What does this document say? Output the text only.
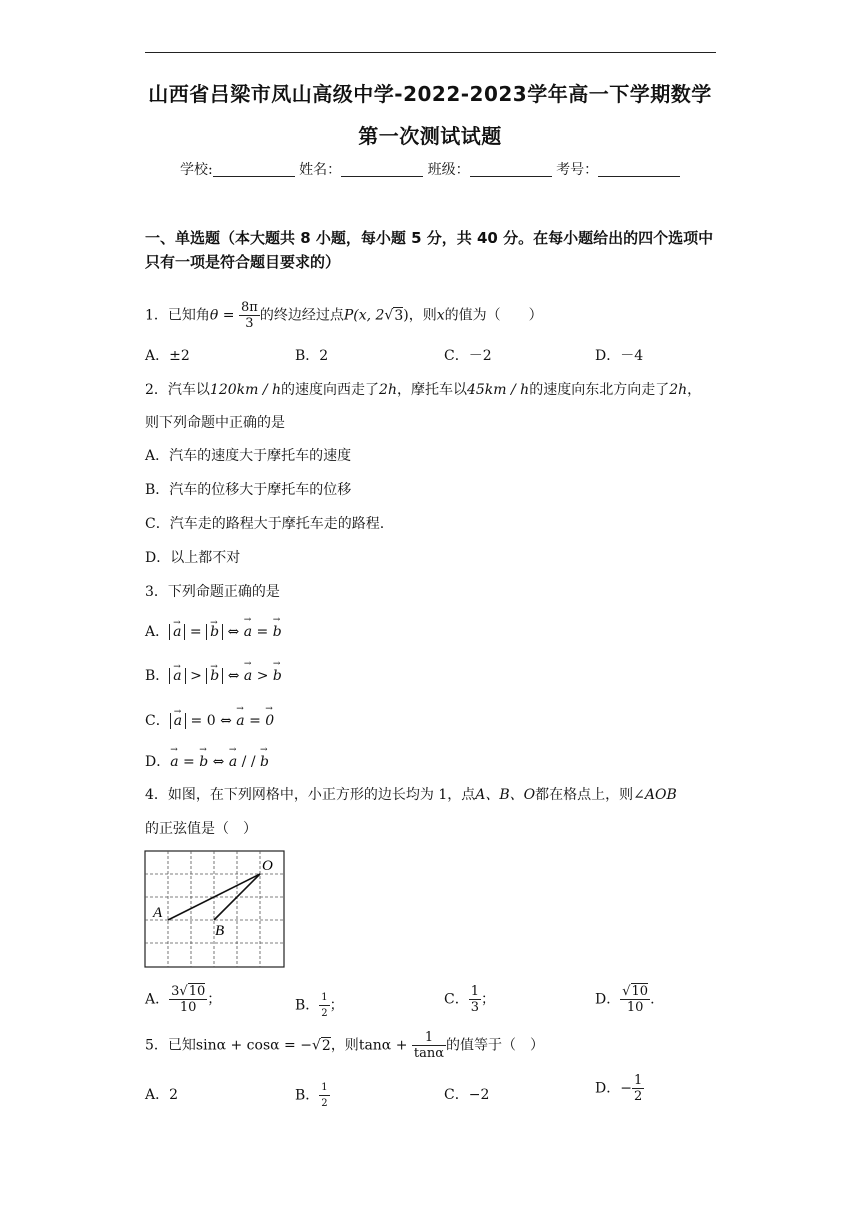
山西省吕梁市凤山高级中学-2022-2023学年高一下学期数学
第一次测试试题
学校:	姓名：	班级：	考号：
一、单选题（本大题共 8 小题，每小题 5 分，共 40 分。在每小题给出的四个选项中只有一项是符合题目要求的）
1．已知角$\theta = \frac{8\pi}{3}$ 的终边经过点P(x, 2√3)，则x的值为（　　）
A．±2	B．2	C．－2	D．－4
2．汽车以120km / h的速度向西走了2h，摩托车以45km / h的速度向东北方向走了2h，
则下列命题中正确的是
A．汽车的速度大于摩托车的速度
B．汽车的位移大于摩托车的位移
C．汽车走的路程大于摩托车走的路程.
D．以上都不对
3．下列命题正确的是
A． → a = → b ⇔ → a = → b
B． → a > → b ⇔ → a > → b
C． → a = 0 ⇔ → a = → 0
D．→ a = → b ⇔ → a / / → b
4．如图，在下列网格中，小正方形的边长均为 1，点A、B、O都在格点上，则∠AOB
的正弦值是（　）
O
A
B
A． $\frac{3√10}{10}$ ；	B． $\frac{1}{2}$ ；	C． $\frac{1}{3}$ ；	D． $\frac{√10}{10}$ .
5．已知sinα + cosα = −√2，则$\tan\alpha + \frac{1}{\tan\alpha}$ 的值等于（　）
A．2	B． $\frac{1}{2}$	C．−2	D．− $\frac{1}{2}$
